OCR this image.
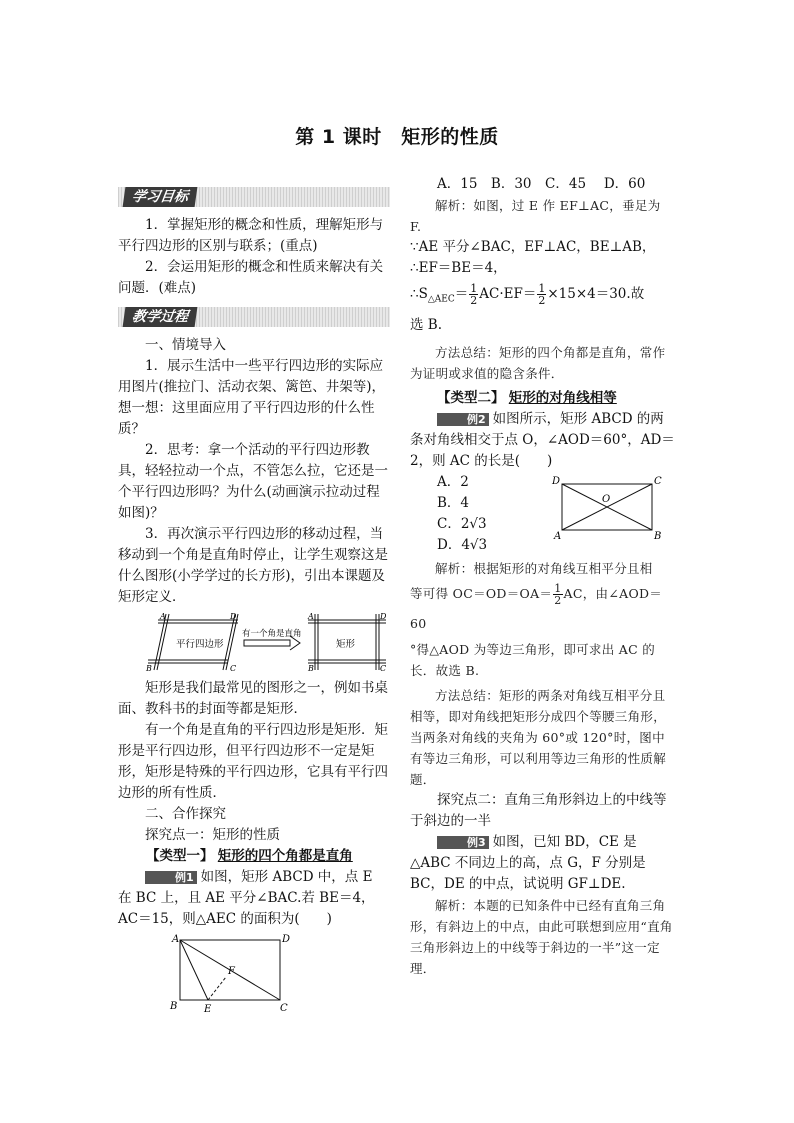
第 1 课时　矩形的性质
学习目标

1．掌握矩形的概念和性质，理解矩形与平行四边形的区别与联系；(重点)

2．会运用矩形的概念和性质来解决有关问题．(难点)

教学过程

一、情境导入

1．展示生活中一些平行四边形的实际应用图片(推拉门、活动衣架、篱笆、井架等)，想一想：这里面应用了平行四边形的什么性质？

2．思考：拿一个活动的平行四边形教具，轻轻拉动一个点，不管怎么拉，它还是一个平行四边形吗？为什么(动画演示拉动过程如图)？

3．再次演示平行四边形的移动过程，当移动到一个角是直角时停止，让学生观察这是什么图形(小学学过的长方形)，引出本课题及矩形定义．

平行四边形
有一个角是直角
矩形
A	D
B	C
A	D
B	C

矩形是我们最常见的图形之一，例如书桌面、教科书的封面等都是矩形．

有一个角是直角的平行四边形是矩形．矩形是平行四边形，但平行四边形不一定是矩形，矩形是特殊的平行四边形，它具有平行四边形的所有性质．

二、合作探究

探究点一：矩形的性质

【类型一】 矩形的四个角都是直角

例1 如图，矩形 ABCD 中，点 E 在 BC 上，且 AE 平分∠BAC.若 BE＝4，AC＝15，则△AEC 的面积为(　　)

A	D
B	C
E
F

A．15　B．30　C．45　 D．60

解析：如图，过 E 作 EF⊥AC，垂足为 F.

∵AE 平分∠BAC，EF⊥AC，BE⊥AB，

∴EF＝BE＝4，

$\therefore S_{\triangle AEC}= \frac{1}{2} AC\cdot EF= \frac{1}{2} \times 15\times 4=30$.故

选 B.

方法总结：矩形的四个角都是直角，常作为证明或求值的隐含条件．

【类型二】 矩形的对角线相等

例2 如图所示，矩形 ABCD 的两条对角线相交于点 O，∠AOD＝60°，AD＝2，则 AC 的长是(　　)

A．2

B．4

C．2√3

D．4√3

D	C
A	B
O

解析：根据矩形的对角线互相平分且相

等可得 $OC=OD=OA= \frac{1}{2}$ AC，由∠AOD＝60

°得△AOD 为等边三角形，即可求出 AC 的长．故选 B.

方法总结：矩形的两条对角线互相平分且相等，即对角线把矩形分成四个等腰三角形，当两条对角线的夹角为 60°或 120°时，图中有等边三角形，可以利用等边三角形的性质解题．

探究点二：直角三角形斜边上的中线等于斜边的一半

例3 如图，已知 BD，CE 是△ABC 不同边上的高，点 G，F 分别是 BC，DE 的中点，试说明 GF⊥DE.

解析：本题的已知条件中已经有直角三角形，有斜边上的中点，由此可联想到应用“直角三角形斜边上的中线等于斜边的一半”这一定理．
